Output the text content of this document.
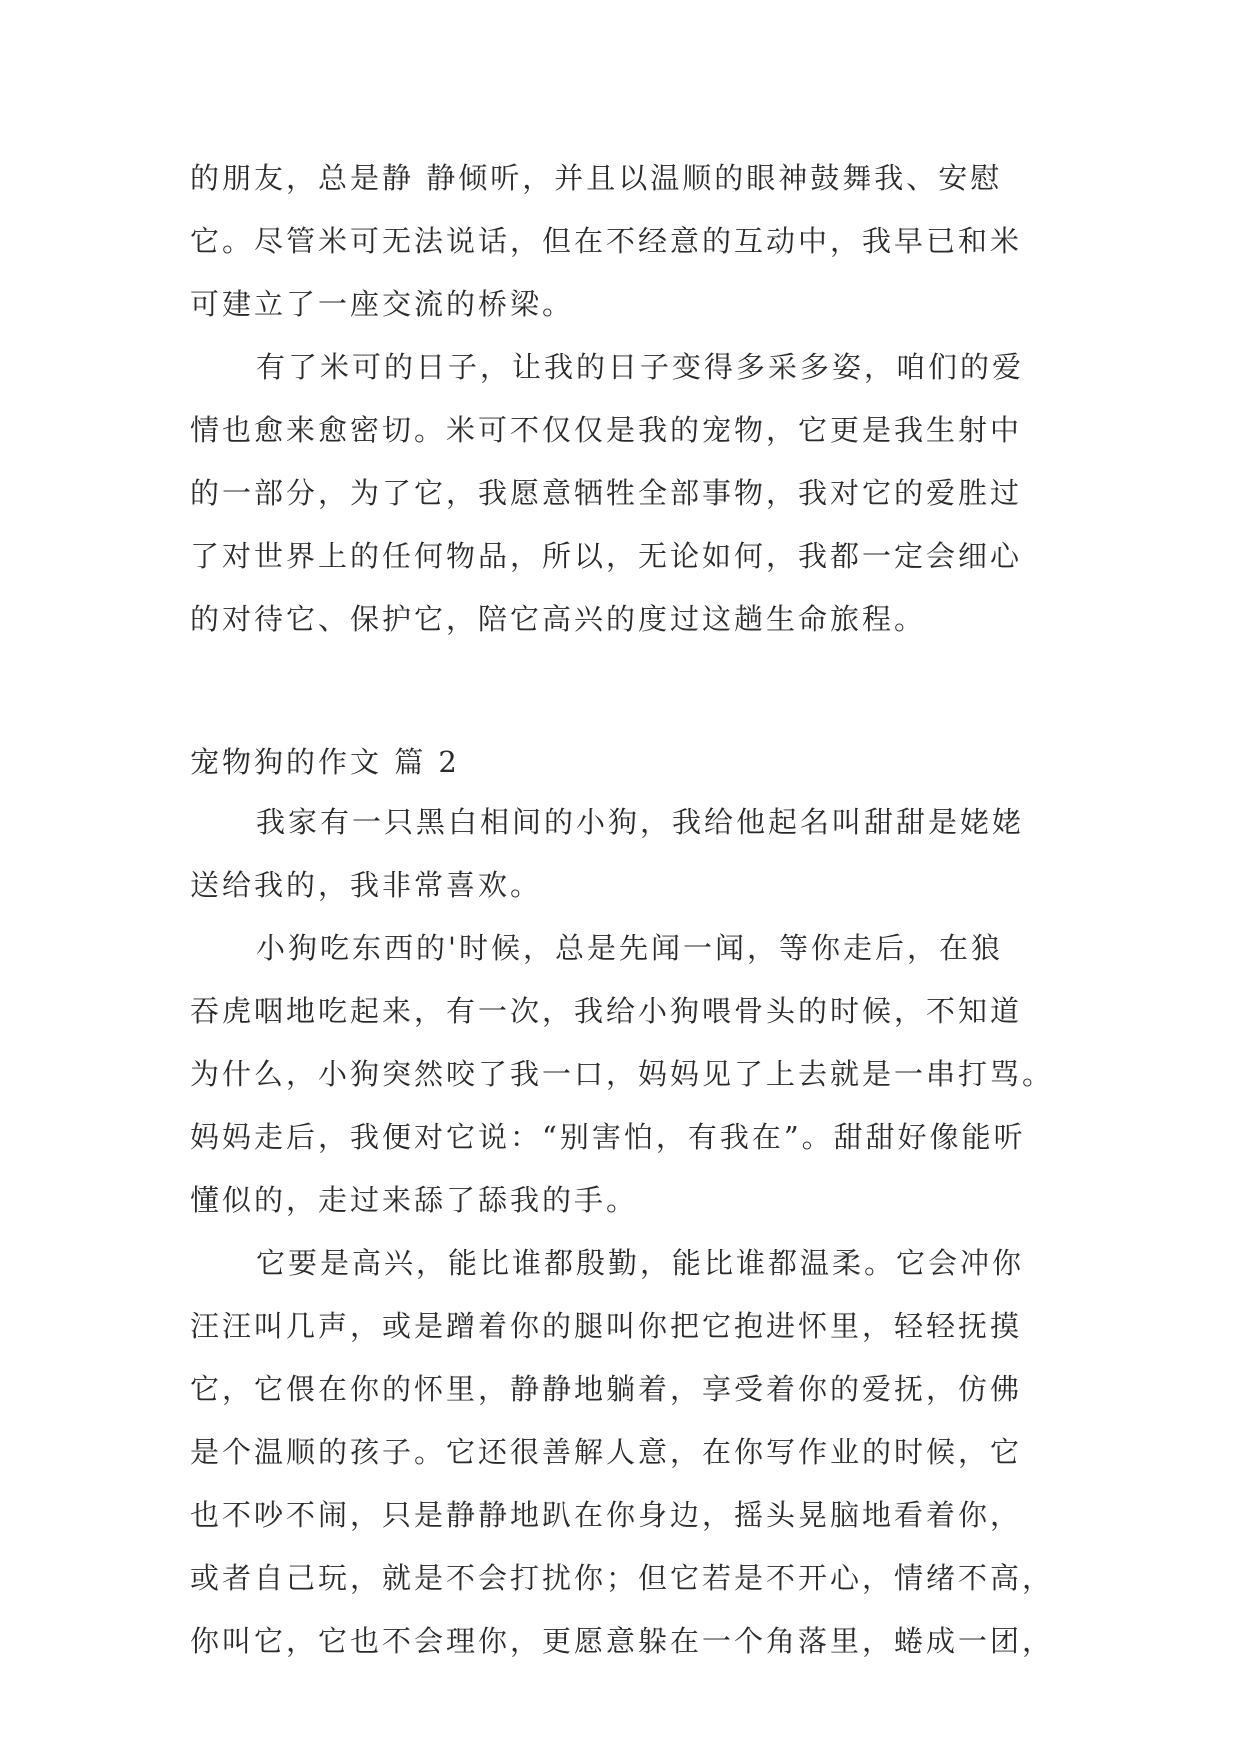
的朋友，总是静 静倾听，并且以温顺的眼神鼓舞我、安慰
它。尽管米可无法说话，但在不经意的互动中，我早已和米
可建立了一座交流的桥梁。
有了米可的日子，让我的日子变得多采多姿，咱们的爱
情也愈来愈密切。米可不仅仅是我的宠物，它更是我生射中
的一部分，为了它，我愿意牺牲全部事物，我对它的爱胜过
了对世界上的任何物品，所以，无论如何，我都一定会细心
的对待它、保护它，陪它高兴的度过这趟生命旅程。
宠物狗的作文 篇 2
我家有一只黑白相间的小狗，我给他起名叫甜甜是姥姥
送给我的，我非常喜欢。
小狗吃东西的'时候，总是先闻一闻，等你走后，在狼
吞虎咽地吃起来，有一次，我给小狗喂骨头的时候，不知道
为什么，小狗突然咬了我一口，妈妈见了上去就是一串打骂。
妈妈走后，我便对它说：“别害怕，有我在”。甜甜好像能听
懂似的，走过来舔了舔我的手。
它要是高兴，能比谁都殷勤，能比谁都温柔。它会冲你
汪汪叫几声，或是蹭着你的腿叫你把它抱进怀里，轻轻抚摸
它，它偎在你的怀里，静静地躺着，享受着你的爱抚，仿佛
是个温顺的孩子。它还很善解人意，在你写作业的时候，它
也不吵不闹，只是静静地趴在你身边，摇头晃脑地看着你，
或者自己玩，就是不会打扰你；但它若是不开心，情绪不高，
你叫它，它也不会理你，更愿意躲在一个角落里，蜷成一团，
